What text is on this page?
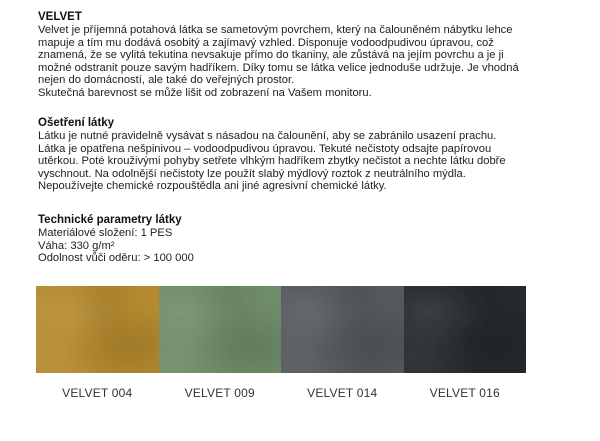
VELVET
Velvet je příjemná potahová látka se sametovým povrchem, který na čalouněném nábytku lehce
mapuje a tím mu dodává osobitý a zajímavý vzhled. Disponuje vodoodpudivou úpravou, což
znamená, že se vylitá tekutina nevsakuje přímo do tkaniny, ale zůstává na jejím povrchu a je ji
možné odstranit pouze savým hadříkem. Díky tomu se látka velice jednoduše udržuje. Je vhodná
nejen do domácností, ale také do veřejných prostor.
Skutečná barevnost se může lišit od zobrazení na Vašem monitoru.
Ošetření látky
Látku je nutné pravidelně vysávat s násadou na čalounění, aby se zabránilo usazení prachu.
Látka je opatřena nešpinivou – vodoodpudivou úpravou. Tekuté nečistoty odsajte papírovou
utěrkou. Poté krouživými pohyby setřete vlhkým hadříkem zbytky nečistot a nechte látku dobře
vyschnout. Na odolnější nečistoty lze použít slabý mýdlový roztok z neutrálního mýdla.
Nepoužívejte chemické rozpouštědla ani jiné agresivní chemické látky.
Technické parametry látky
Materiálové složení: 1 PES
Váha: 330 g/m²
Odolnost vůči oděru: > 100 000
VELVET 004	VELVET 009	VELVET 014	VELVET 016
